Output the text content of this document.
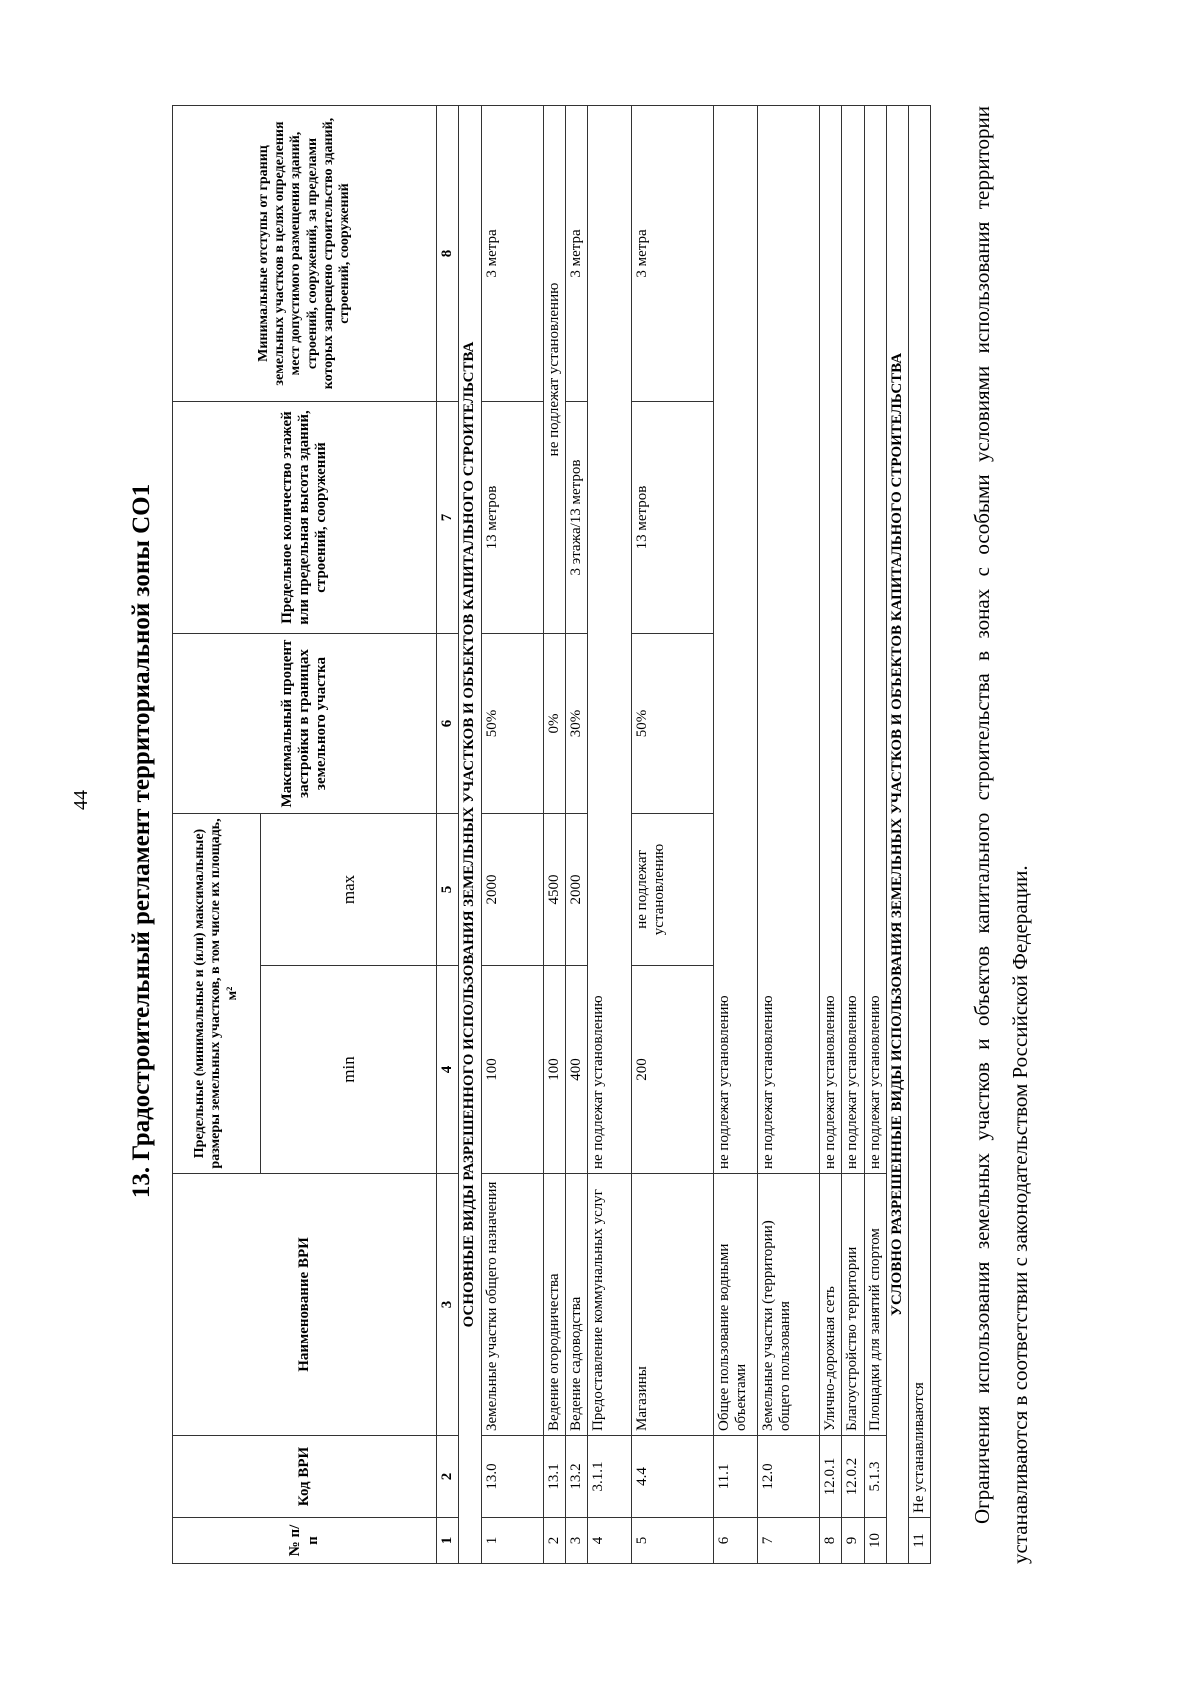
44 13. Градостроительный регламент территориальной зоны СО1
№ п/п	Код ВРИ	Наименование ВРИ	Предельные (минимальные и (или) максимальные) размеры земельных участков, в том числе их площадь, м²		Максимальный процент застройки в границах земельного участка	Предельное количество этажей или предельная высота зданий, строений, сооружений	Минимальные отступы от границ земельных участков в целях определения мест допустимого размещения зданий, строений, сооружений, за пределами которых запрещено строительство зданий, строений, сооружений
			min	max			
1	2	3	4	5	6	7	8
ОСНОВНЫЕ ВИДЫ РАЗРЕШЕННОГО ИСПОЛЬЗОВАНИЯ ЗЕМЕЛЬНЫХ УЧАСТКОВ И ОБЪЕКТОВ КАПИТАЛЬНОГО СТРОИТЕЛЬСТВА							
1	13.0	Земельные участки общего назначения	100	2000	50%	13 метров	3 метра
2	13.1	Ведение огородничества	100	4500	0%	не подлежат установлению	
3	13.2	Ведение садоводства	400	2000	30%	3 этажа/13 метров	3 метра
4	3.1.1	Предоставление коммунальных услуг	не подлежат установлению				
5	4.4	Магазины	200	не подлежат установлению	50%	13 метров	3 метра
6	11.1	Общее пользование водными объектами	не подлежат установлению				
7	12.0	Земельные участки (территории) общего пользования	не подлежат установлению				
8	12.0.1	Улично-дорожная сеть	не подлежат установлению				
9	12.0.2	Благоустройство территории	не подлежат установлению				
10	5.1.3	Площадки для занятий спортом	не подлежат установлению				
УСЛОВНО РАЗРЕШЕННЫЕ ВИДЫ ИСПОЛЬЗОВАНИЯ ЗЕМЕЛЬНЫХ УЧАСТКОВ И ОБЪЕКТОВ КАПИТАЛЬНОГО СТРОИТЕЛЬСТВА							
11	Не устанавливаются						Ограничения использования земельных участков и объектов капитального строительства в зонах с особыми условиями использования территории устанавливаются в соответствии с законодательством Российской Федерации.
